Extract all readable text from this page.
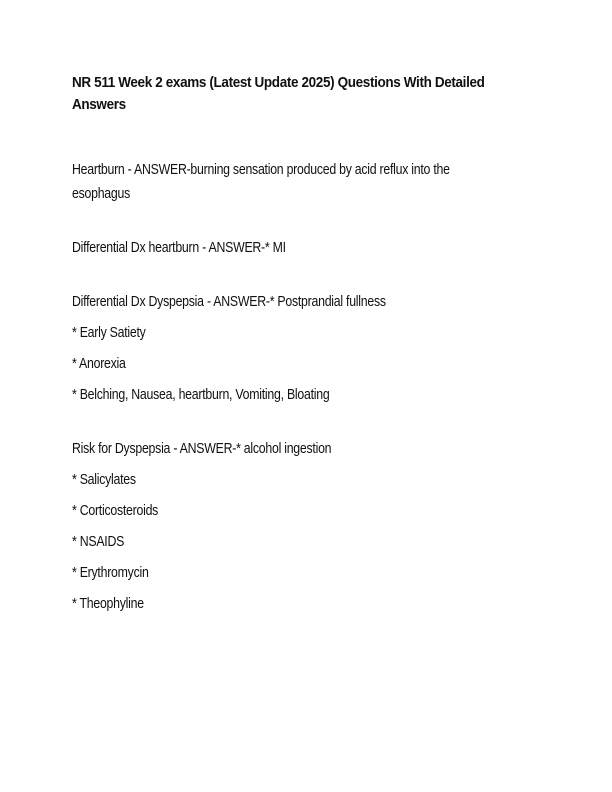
NR 511 Week 2 exams (Latest Update 2025) Questions With Detailed
Answers
Heartburn - ANSWER-burning sensation produced by acid reflux into the
esophagus
Differential Dx heartburn - ANSWER-* MI
Differential Dx Dyspepsia - ANSWER-* Postprandial fullness
* Early Satiety
* Anorexia
* Belching, Nausea, heartburn, Vomiting, Bloating
Risk for Dyspepsia - ANSWER-* alcohol ingestion
* Salicylates
* Corticosteroids
* NSAIDS
* Erythromycin
* Theophyline
